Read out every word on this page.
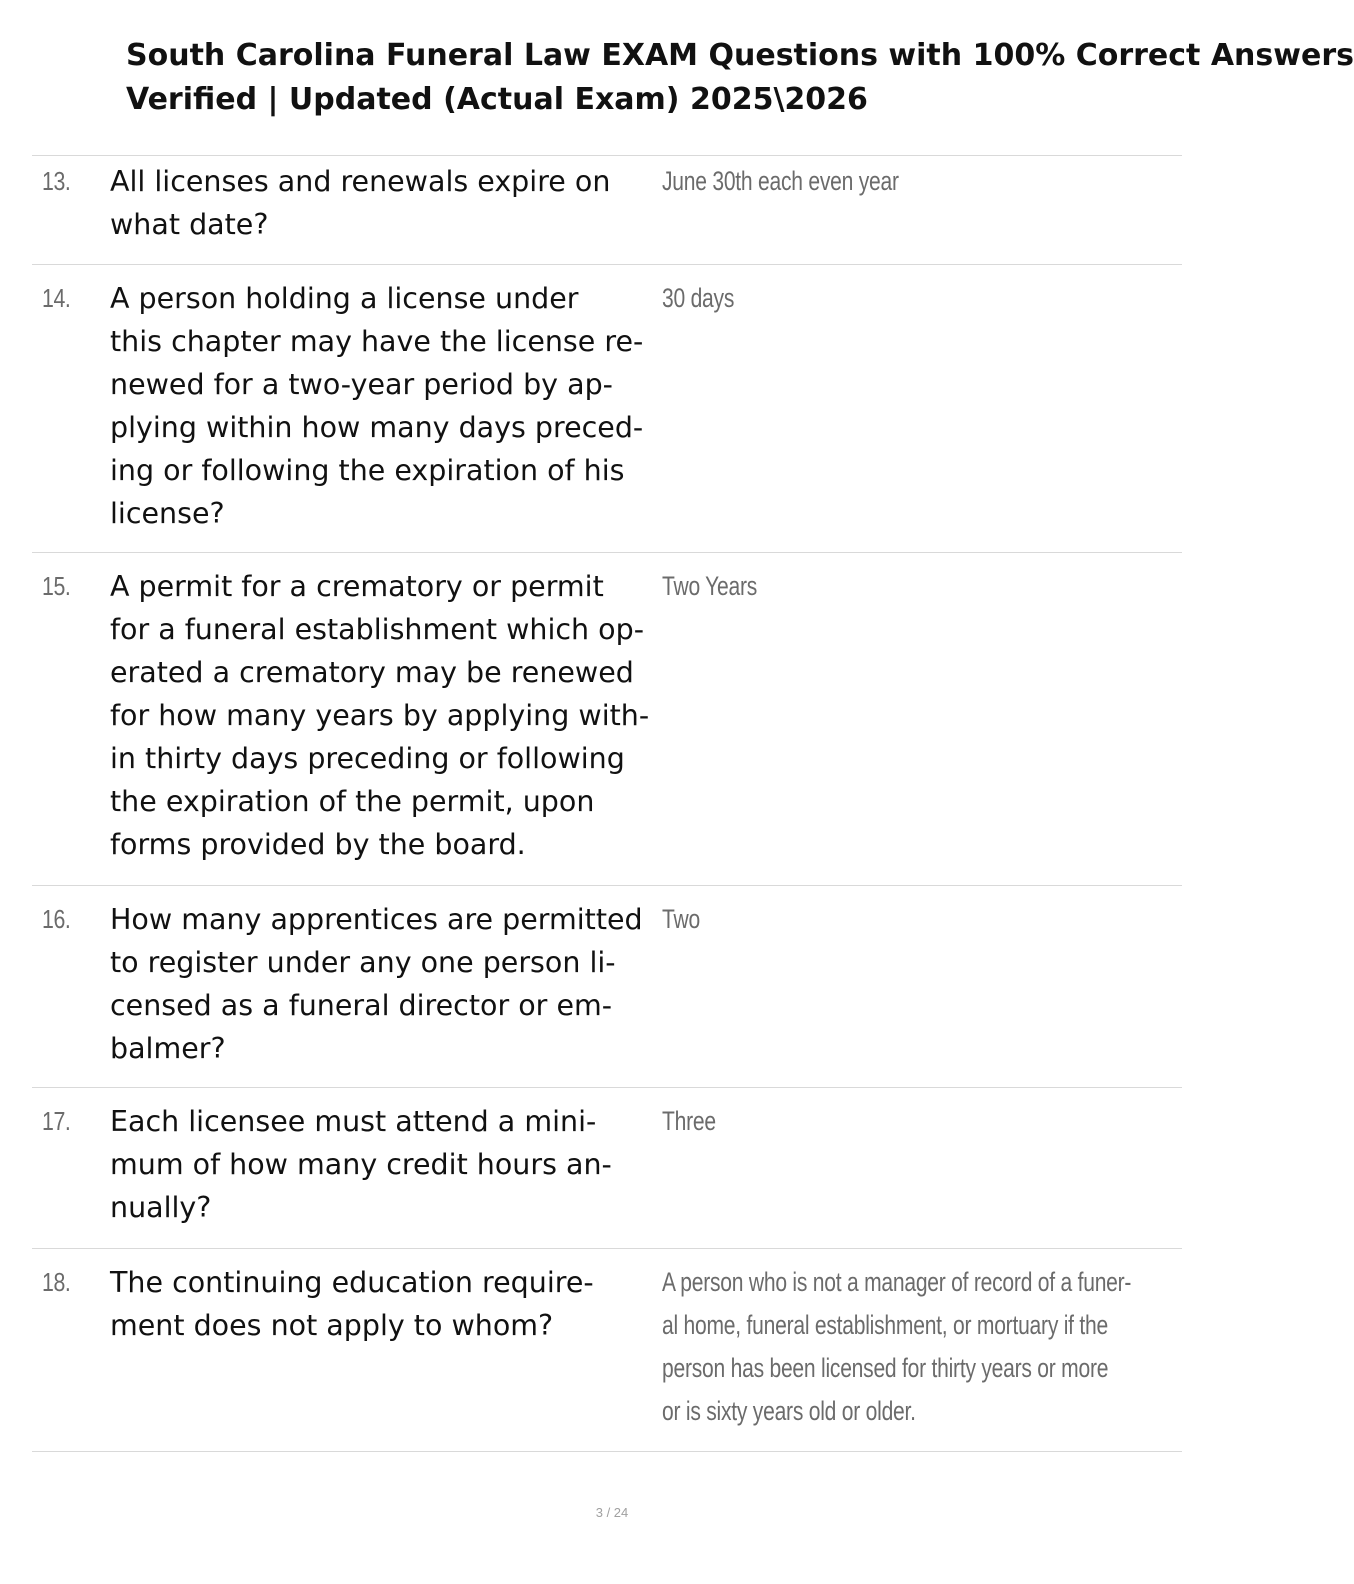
South Carolina Funeral Law EXAM Questions with 100% Correct Answers
Verified | Updated (Actual Exam) 2025\2026
13. All licenses and renewals expire on
what date?
June 30th each even year
14. A person holding a license under
this chapter may have the license re-
newed for a two-year period by ap-
plying within how many days preced-
ing or following the expiration of his
license?
30 days
15. A permit for a crematory or permit
for a funeral establishment which op-
erated a crematory may be renewed
for how many years by applying with-
in thirty days preceding or following
the expiration of the permit, upon
forms provided by the board.
Two Years
16. How many apprentices are permitted
to register under any one person li-
censed as a funeral director or em-
balmer?
Two
17. Each licensee must attend a mini-
mum of how many credit hours an-
nually?
Three
18. The continuing education require-
ment does not apply to whom?
A person who is not a manager of record of a funer-
al home, funeral establishment, or mortuary if the
person has been licensed for thirty years or more
or is sixty years old or older.
3 / 24
